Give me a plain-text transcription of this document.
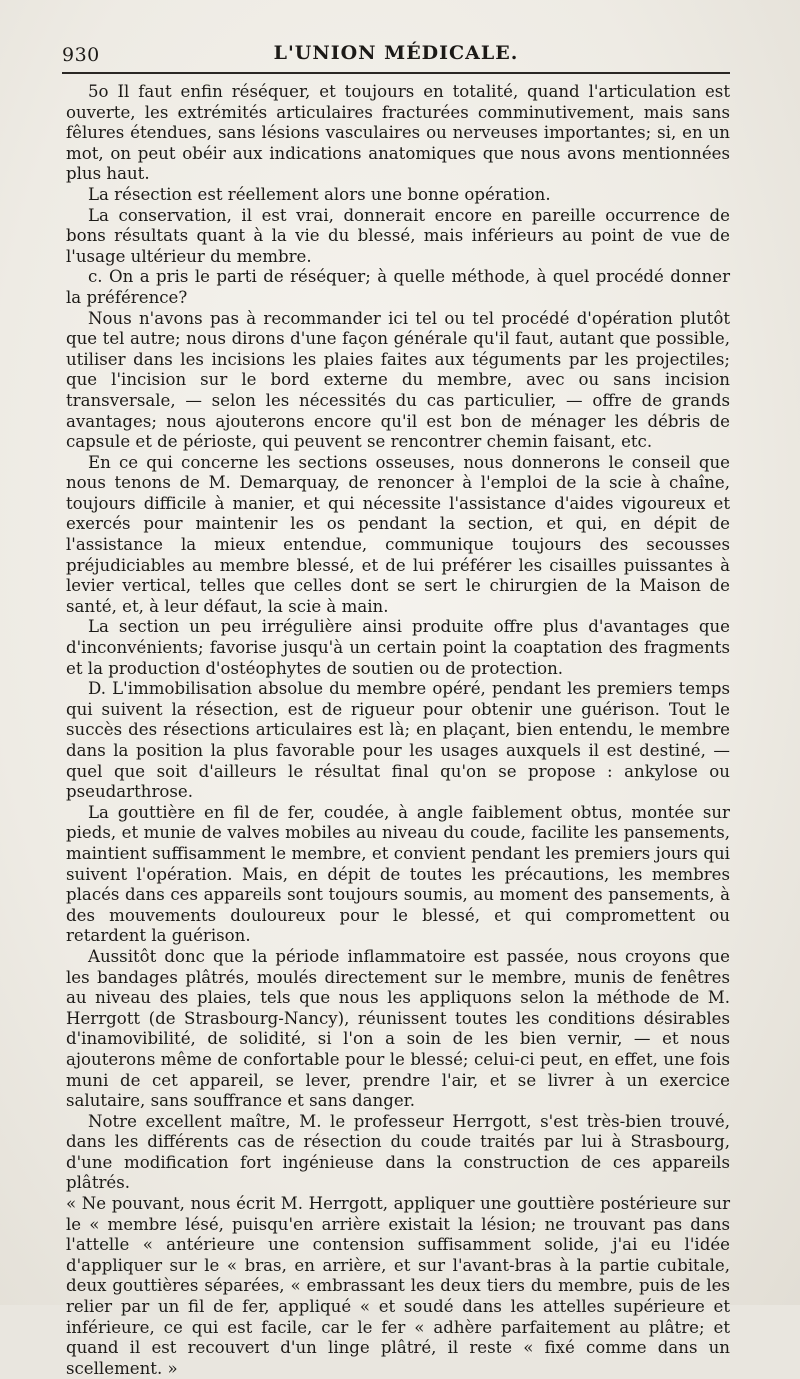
930	L'UNION MÉDICALE.

5o Il faut enfin réséquer, et toujours en totalité, quand l'articulation est ouverte, les extrémités articulaires fracturées comminutivement, mais sans fêlures étendues, sans lésions vasculaires ou nerveuses importantes; si, en un mot, on peut obéir aux indications anatomiques que nous avons mentionnées plus haut.

La résection est réellement alors une bonne opération.

La conservation, il est vrai, donnerait encore en pareille occurrence de bons résultats quant à la vie du blessé, mais inférieurs au point de vue de l'usage ultérieur du membre.

c. On a pris le parti de réséquer; à quelle méthode, à quel procédé donner la préférence?

Nous n'avons pas à recommander ici tel ou tel procédé d'opération plutôt que tel autre; nous dirons d'une façon générale qu'il faut, autant que possible, utiliser dans les incisions les plaies faites aux téguments par les projectiles; que l'incision sur le bord externe du membre, avec ou sans incision transversale, — selon les nécessités du cas particulier, — offre de grands avantages; nous ajouterons encore qu'il est bon de ménager les débris de capsule et de périoste, qui peuvent se rencontrer chemin faisant, etc.

En ce qui concerne les sections osseuses, nous donnerons le conseil que nous tenons de M. Demarquay, de renoncer à l'emploi de la scie à chaîne, toujours difficile à manier, et qui nécessite l'assistance d'aides vigoureux et exercés pour maintenir les os pendant la section, et qui, en dépit de l'assistance la mieux entendue, communique toujours des secousses préjudiciables au membre blessé, et de lui préférer les cisailles puissantes à levier vertical, telles que celles dont se sert le chirurgien de la Maison de santé, et, à leur défaut, la scie à main.

La section un peu irrégulière ainsi produite offre plus d'avantages que d'inconvénients; favorise jusqu'à un certain point la coaptation des fragments et la production d'ostéophytes de soutien ou de protection.

D. L'immobilisation absolue du membre opéré, pendant les premiers temps qui suivent la résection, est de rigueur pour obtenir une guérison. Tout le succès des résections articulaires est là; en plaçant, bien entendu, le membre dans la position la plus favorable pour les usages auxquels il est destiné, — quel que soit d'ailleurs le résultat final qu'on se propose : ankylose ou pseudarthrose.

La gouttière en fil de fer, coudée, à angle faiblement obtus, montée sur pieds, et munie de valves mobiles au niveau du coude, facilite les pansements, maintient suffisamment le membre, et convient pendant les premiers jours qui suivent l'opération. Mais, en dépit de toutes les précautions, les membres placés dans ces appareils sont toujours soumis, au moment des pansements, à des mouvements douloureux pour le blessé, et qui compromettent ou retardent la guérison.

Aussitôt donc que la période inflammatoire est passée, nous croyons que les bandages plâtrés, moulés directement sur le membre, munis de fenêtres au niveau des plaies, tels que nous les appliquons selon la méthode de M. Herrgott (de Strasbourg-Nancy), réunissent toutes les conditions désirables d'inamovibilité, de solidité, si l'on a soin de les bien vernir, — et nous ajouterons même de confortable pour le blessé; celui-ci peut, en effet, une fois muni de cet appareil, se lever, prendre l'air, et se livrer à un exercice salutaire, sans souffrance et sans danger.

Notre excellent maître, M. le professeur Herrgott, s'est très-bien trouvé, dans les différents cas de résection du coude traités par lui à Strasbourg, d'une modification fort ingénieuse dans la construction de ces appareils plâtrés.

« Ne pouvant, nous écrit M. Herrgott, appliquer une gouttière postérieure sur le « membre lésé, puisqu'en arrière existait la lésion; ne trouvant pas dans l'attelle « antérieure une contension suffisamment solide, j'ai eu l'idée d'appliquer sur le « bras, en arrière, et sur l'avant-bras à la partie cubitale, deux gouttières séparées, « embrassant les deux tiers du membre, puis de les relier par un fil de fer, appliqué « et soudé dans les attelles supérieure et inférieure, ce qui est facile, car le fer « adhère parfaitement au plâtre; et quand il est recouvert d'un linge plâtré, il reste « fixé comme dans un scellement. »
